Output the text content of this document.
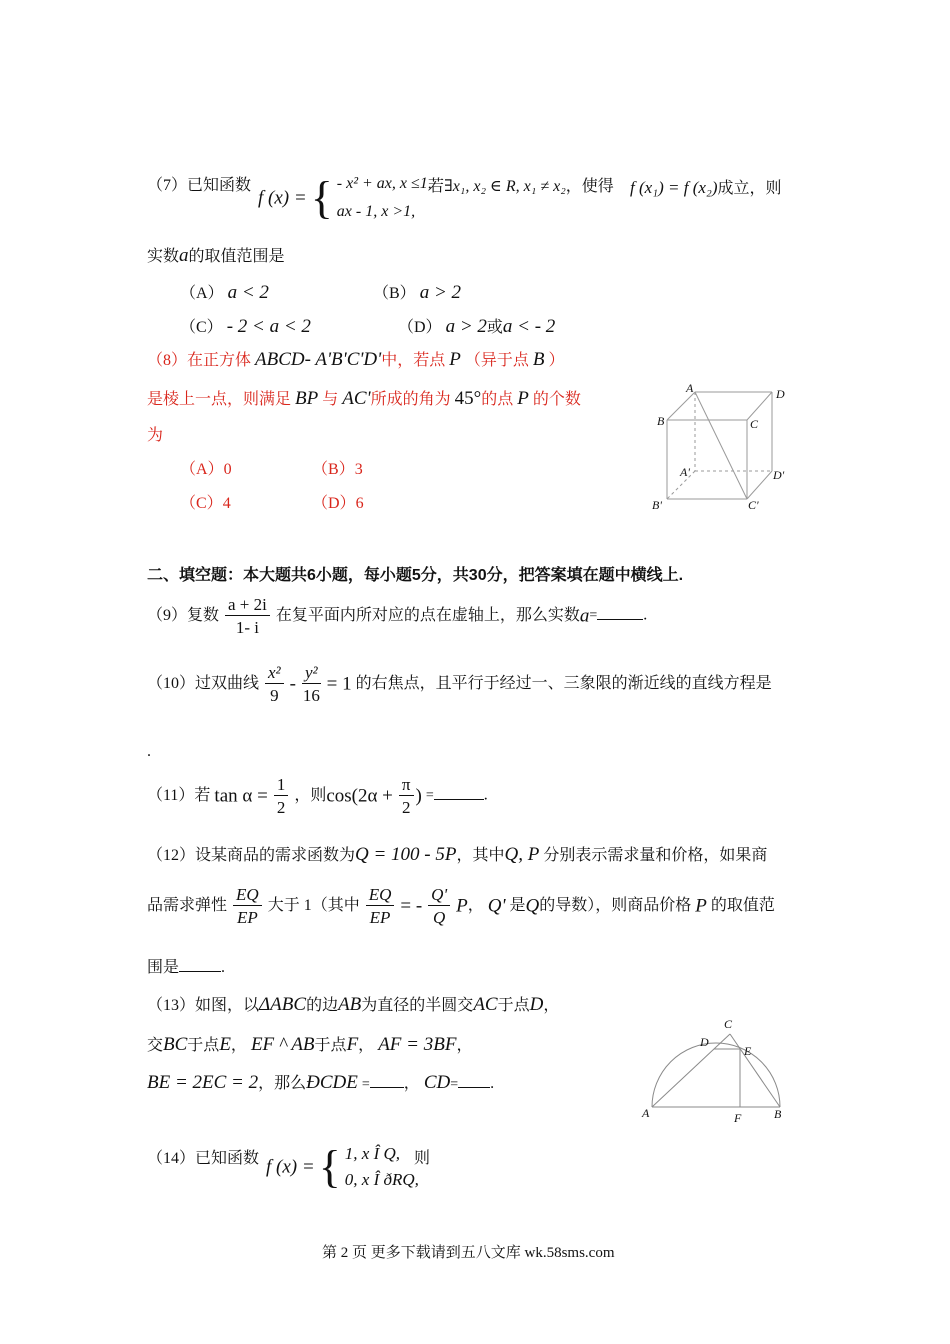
（7）已知函数
f (x) = { - x² + ax, x ≤1,
ax - 1, x >1,
若∃x₁, x₂ ∈ R, x₁ ≠ x₂，使得 f (x₁) = f (x₂)成立，则
实数a的取值范围是
（A） a < 2	（B） a > 2
（C） - 2 < a < 2	（D） a > 2或a < - 2
（8）在正方体 ABCD- A'B'C'D'中，若点 P （异于点 B ）
是棱上一点，则满足 BP 与 AC'所成的角为 45°的点 P 的个数
为
（A）0	（B）3
（C）4	（D）6
A	D
B	C
A'	D'
B'	C'
二、填空题：本大题共6小题，每小题5分，共30分，把答案填在题中横线上.
（9）复数 $\frac{a + 2i}{1- i}$ 在复平面内所对应的点在虚轴上，那么实数a=	.
（10）过双曲线 $\frac{\text{x²}}{9} - \frac{\text{y²}}{16} = 1$ 的右焦点，且平行于经过一、三象限的渐近线的直线方程是
.
（11）若 $\tan \alpha = \frac{1}{2}$ ，则$\cos(2\alpha + \frac{\pi}{2}$ ) =	.
（12）设某商品的需求函数为Q = 100 - 5P，其中Q, P 分别表示需求量和价格，如果商
品需求弹性 $\frac{EQ}{EP}$ 大于 1（其中 $\frac{EQ}{EP}$ = - $\frac{Q'}{Q}$ P， Q' 是Q的导数），则商品价格 P 的取值范
围是	.
（13）如图，以ΔABC的边AB为直径的半圆交AC于点D，
交BC于点E， EF ^ AB于点F， AF = 3BF，
BE = 2EC = 2，那么ÐCDE = ， CD= .
C
D
E
A	F	B
（14）已知函数 f (x) = { 1, x Î Q,
0, x Î ðRQ,
则
第 2 页 更多下载请到五八文库 wk.58sms.com
